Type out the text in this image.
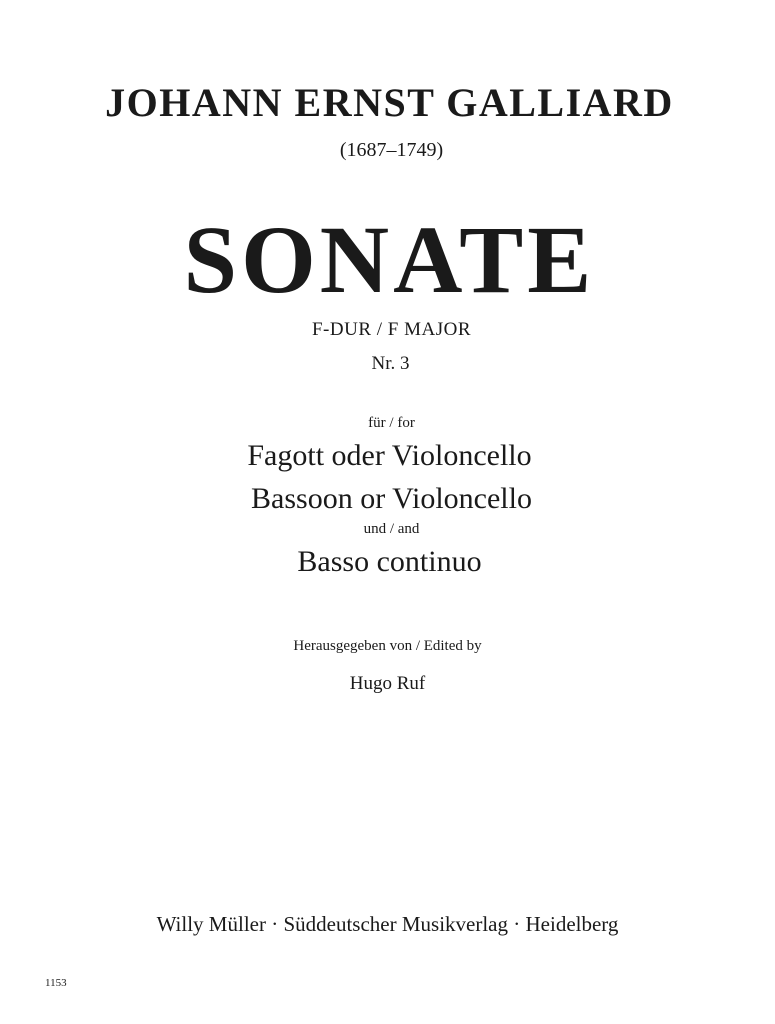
JOHANN ERNST GALLIARD
(1687–1749)
SONATE
F-DUR / F MAJOR
Nr. 3
für / for
Fagott oder Violoncello
Bassoon or Violoncello
und / and
Basso continuo
Herausgegeben von / Edited by
Hugo Ruf
Willy Müller · Süddeutscher Musikverlag · Heidelberg
1153
